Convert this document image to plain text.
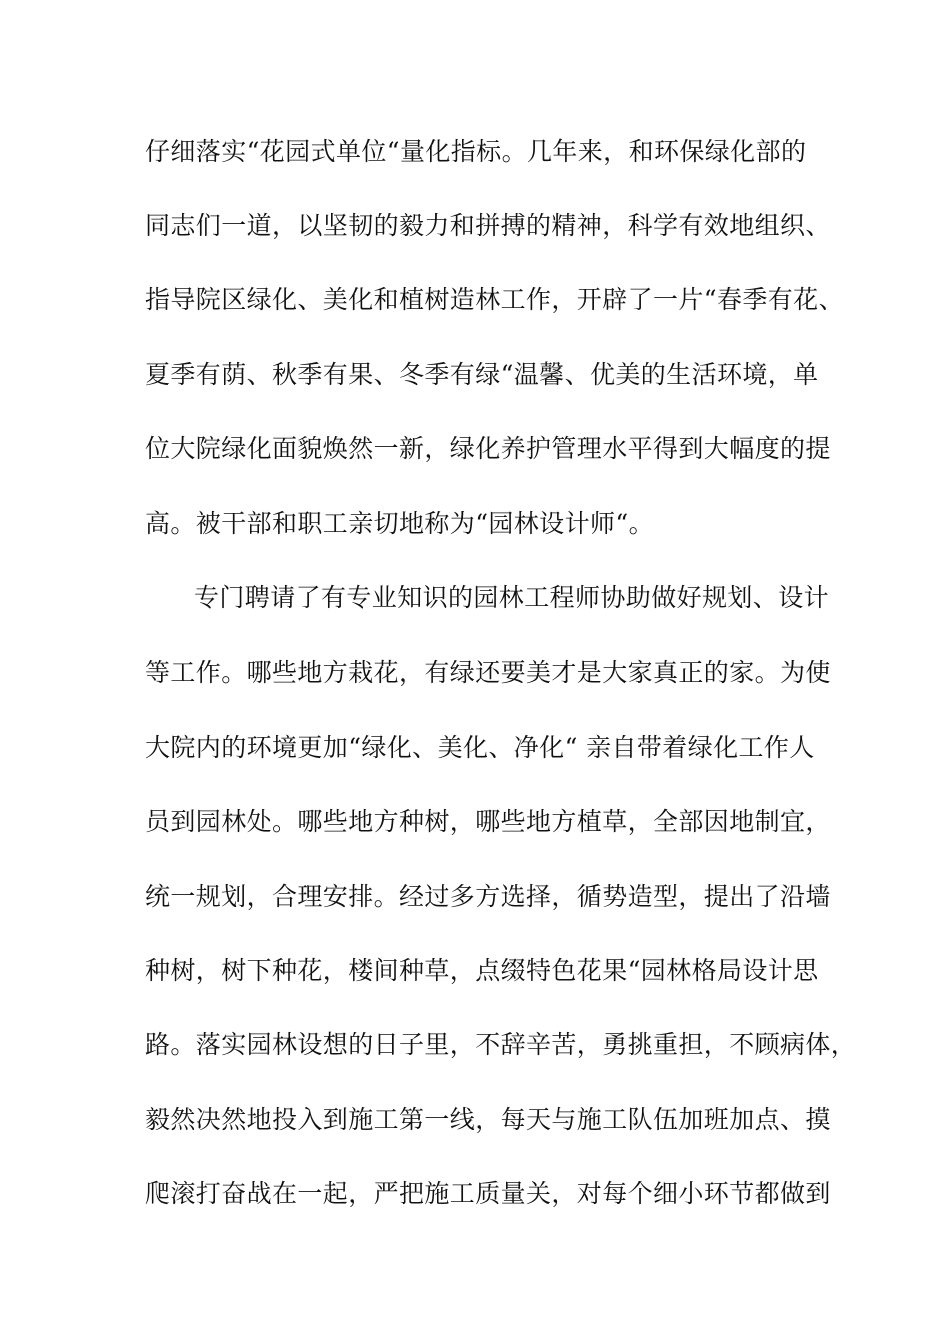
仔细落实“花园式单位“量化指标。几年来，和环保绿化部的
同志们一道，以坚韧的毅力和拼搏的精神，科学有效地组织、
指导院区绿化、美化和植树造林工作，开辟了一片“春季有花、
夏季有荫、秋季有果、冬季有绿“温馨、优美的生活环境，单
位大院绿化面貌焕然一新，绿化养护管理水平得到大幅度的提
高。被干部和职工亲切地称为“园林设计师“。
专门聘请了有专业知识的园林工程师协助做好规划、设计
等工作。哪些地方栽花，有绿还要美才是大家真正的家。为使
大院内的环境更加“绿化、美化、净化“ 亲自带着绿化工作人
员到园林处。哪些地方种树，哪些地方植草，全部因地制宜，
统一规划，合理安排。经过多方选择，循势造型，提出了沿墙
种树，树下种花，楼间种草，点缀特色花果“园林格局设计思
路。落实园林设想的日子里，不辞辛苦，勇挑重担，不顾病体，
毅然决然地投入到施工第一线，每天与施工队伍加班加点、摸
爬滚打奋战在一起，严把施工质量关，对每个细小环节都做到
